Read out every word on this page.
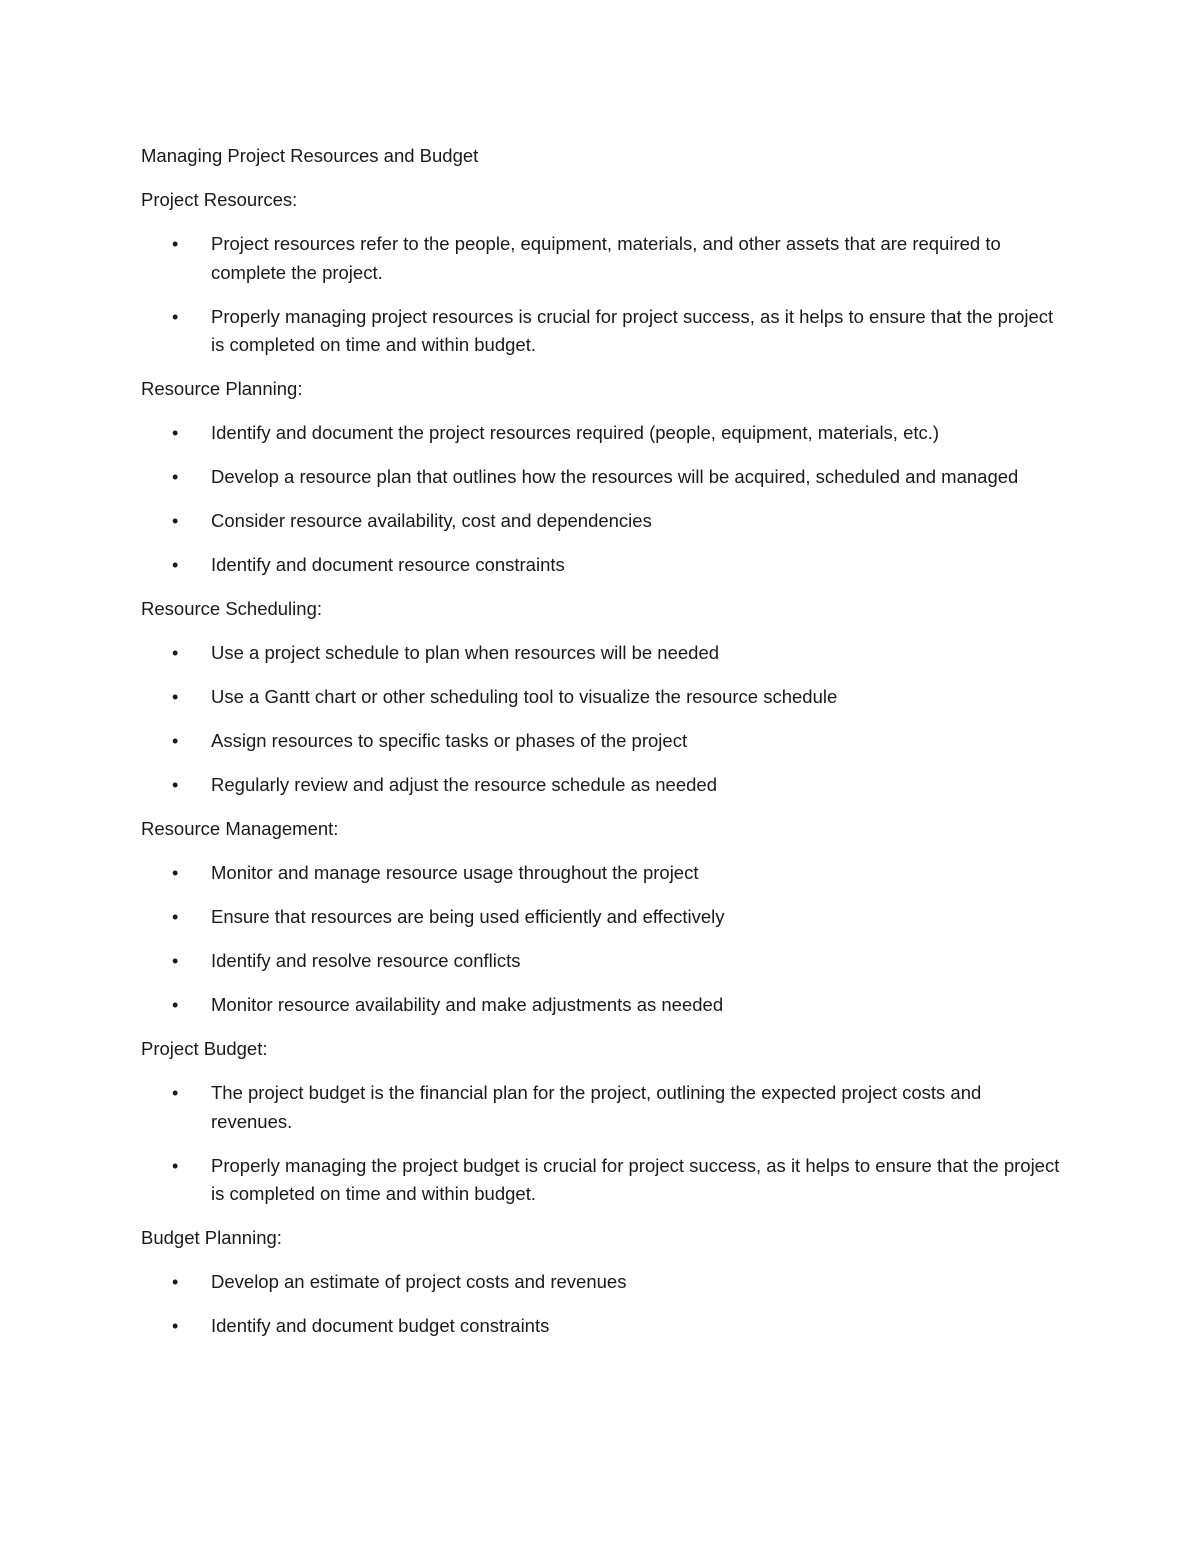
Managing Project Resources and Budget
Project Resources:
• Project resources refer to the people, equipment, materials, and other assets that are required to complete the project.
• Properly managing project resources is crucial for project success, as it helps to ensure that the project is completed on time and within budget.
Resource Planning:
• Identify and document the project resources required (people, equipment, materials, etc.)
• Develop a resource plan that outlines how the resources will be acquired, scheduled and managed
• Consider resource availability, cost and dependencies
• Identify and document resource constraints
Resource Scheduling:
• Use a project schedule to plan when resources will be needed
• Use a Gantt chart or other scheduling tool to visualize the resource schedule
• Assign resources to specific tasks or phases of the project
• Regularly review and adjust the resource schedule as needed
Resource Management:
• Monitor and manage resource usage throughout the project
• Ensure that resources are being used efficiently and effectively
• Identify and resolve resource conflicts
• Monitor resource availability and make adjustments as needed
Project Budget:
• The project budget is the financial plan for the project, outlining the expected project costs and revenues.
• Properly managing the project budget is crucial for project success, as it helps to ensure that the project is completed on time and within budget.
Budget Planning:
• Develop an estimate of project costs and revenues
• Identify and document budget constraints
